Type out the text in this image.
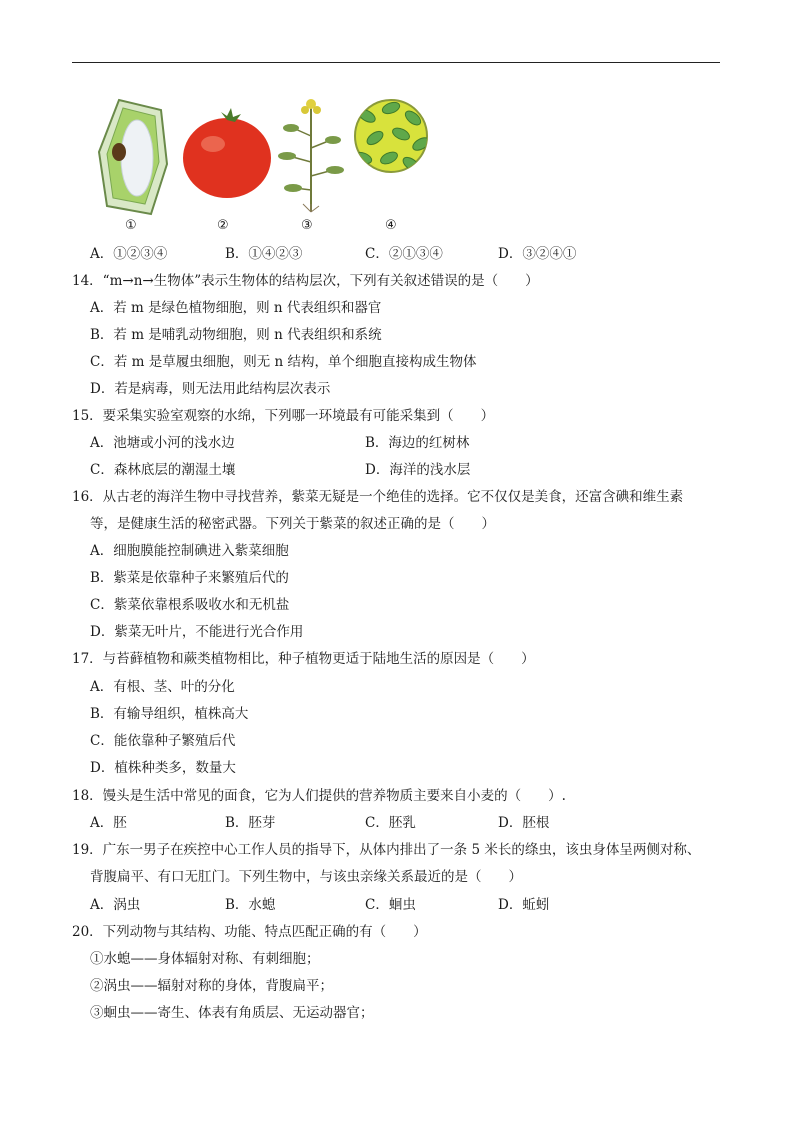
①	②	③	④
A．①②③④	B．①④②③	C．②①③④	D．③②④①
14．“m→n→生物体”表示生物体的结构层次，下列有关叙述错误的是（　　）
A．若 m 是绿色植物细胞，则 n 代表组织和器官
B．若 m 是哺乳动物细胞，则 n 代表组织和系统
C．若 m 是草履虫细胞，则无 n 结构，单个细胞直接构成生物体
D．若是病毒，则无法用此结构层次表示
15．要采集实验室观察的水绵，下列哪一环境最有可能采集到（　　）
A．池塘或小河的浅水边	B．海边的红树林
C．森林底层的潮湿土壤	D．海洋的浅水层
16．从古老的海洋生物中寻找营养，紫菜无疑是一个绝佳的选择。它不仅仅是美食，还富含碘和维生素
等，是健康生活的秘密武器。下列关于紫菜的叙述正确的是（　　）
A．细胞膜能控制碘进入紫菜细胞
B．紫菜是依靠种子来繁殖后代的
C．紫菜依靠根系吸收水和无机盐
D．紫菜无叶片，不能进行光合作用
17．与苔藓植物和蕨类植物相比，种子植物更适于陆地生活的原因是（　　）
A．有根、茎、叶的分化
B．有输导组织，植株高大
C．能依靠种子繁殖后代
D．植株种类多，数量大
18．馒头是生活中常见的面食，它为人们提供的营养物质主要来自小麦的（　　）.
A．胚	B．胚芽	C．胚乳	D．胚根
19．广东一男子在疾控中心工作人员的指导下，从体内排出了一条 5 米长的绦虫，该虫身体呈两侧对称、
背腹扁平、有口无肛门。下列生物中，与该虫亲缘关系最近的是（　　）
A．涡虫	B．水螅	C．蛔虫	D．蚯蚓
20．下列动物与其结构、功能、特点匹配正确的有（　　）
①水螅——身体辐射对称、有刺细胞；
②涡虫——辐射对称的身体，背腹扁平；
③蛔虫——寄生、体表有角质层、无运动器官；
